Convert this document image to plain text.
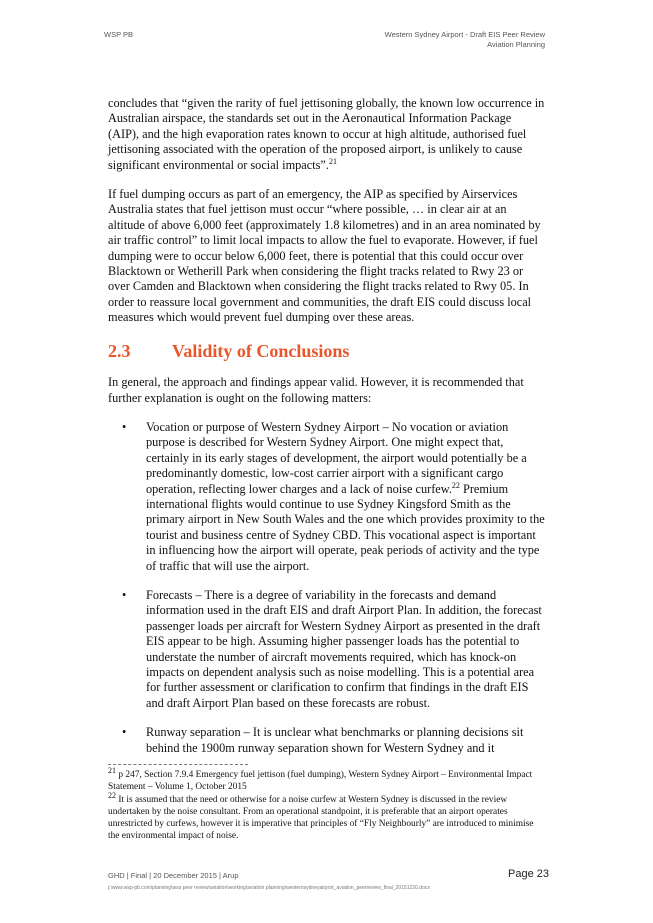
WSP PB	Western Sydney Airport - Draft EIS Peer Review
Aviation Planning

concludes that “given the rarity of fuel jettisoning globally, the known low occurrence in Australian airspace, the standards set out in the Aeronautical Information Package (AIP), and the high evaporation rates known to occur at high altitude, authorised fuel jettisoning associated with the operation of the proposed airport, is unlikely to cause significant environmental or social impacts”.$^{21}$

If fuel dumping occurs as part of an emergency, the AIP as specified by Airservices Australia states that fuel jettison must occur “where possible, … in clear air at an altitude of above 6,000 feet (approximately 1.8 kilometres) and in an area nominated by air traffic control” to limit local impacts to allow the fuel to evaporate. However, if fuel dumping were to occur below 6,000 feet, there is potential that this could occur over Blacktown or Wetherill Park when considering the flight tracks related to Rwy 23 or over Camden and Blacktown when considering the flight tracks related to Rwy 05. In order to reassure local government and communities, the draft EIS could discuss local measures which would prevent fuel dumping over these areas.

2.3	Validity of Conclusions

In general, the approach and findings appear valid. However, it is recommended that further explanation is ought on the following matters:

• Vocation or purpose of Western Sydney Airport – No vocation or aviation purpose is described for Western Sydney Airport. One might expect that, certainly in its early stages of development, the airport would potentially be a predominantly domestic, low-cost carrier airport with a significant cargo operation, reflecting lower charges and a lack of noise curfew.$^{22}$ Premium international flights would continue to use Sydney Kingsford Smith as the primary airport in New South Wales and the one which provides proximity to the tourist and business centre of Sydney CBD. This vocational aspect is important in influencing how the airport will operate, peak periods of activity and the type of traffic that will use the airport.
• Forecasts – There is a degree of variability in the forecasts and demand information used in the draft EIS and draft Airport Plan. In addition, the forecast passenger loads per aircraft for Western Sydney Airport as presented in the draft EIS appear to be high. Assuming higher passenger loads has the potential to understate the number of aircraft movements required, which has knock-on impacts on dependent analysis such as noise modelling. This is a potential area for further assessment or clarification to confirm that findings in the draft EIS and draft Airport Plan based on these forecasts are robust.
• Runway separation – It is unclear what benchmarks or planning decisions sit behind the 1900m runway separation shown for Western Sydney and it

$^{21}$ p 247, Section 7.9.4 Emergency fuel jettison (fuel dumping), Western Sydney Airport – Environmental Impact Statement – Volume 1, October 2015

$^{22}$ It is assumed that the need or otherwise for a noise curfew at Western Sydney is discussed in the review undertaken by the noise consultant. From an operational standpoint, it is preferable that an airport operates unrestricted by curfews, however it is imperative that principles of “Fly Neighbourly” are introduced to minimise the environmental impact of noise.

GHD | Final | 20 December 2015 | Arup	Page 23
j:\www.wsp-pb.com\planning\wsa peer review\aviation\working\aviation planning\westernsydneyairport_aviation_peerreview_final_20151220.docx
